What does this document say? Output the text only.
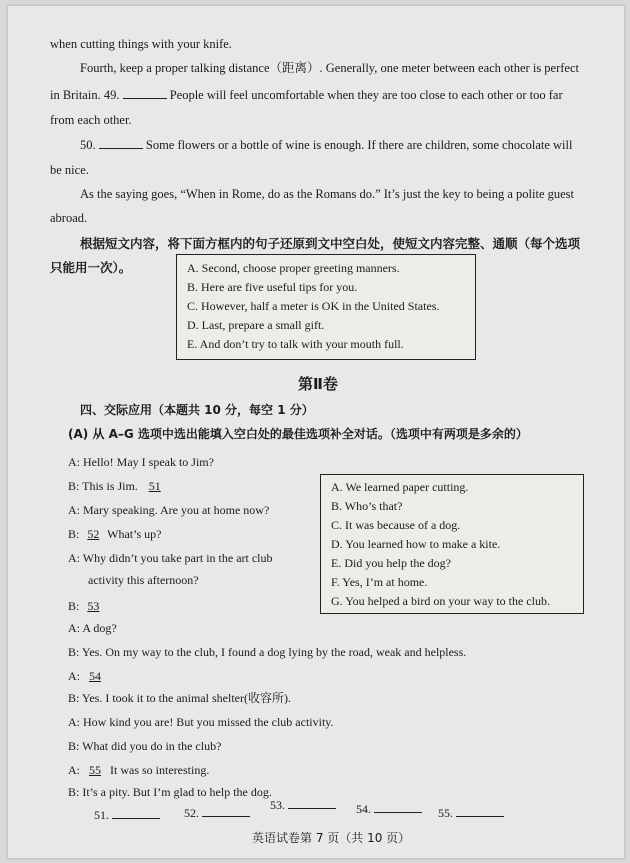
when cutting things with your knife.
Fourth, keep a proper talking distance（距离）. Generally, one meter between each other is perfect
in Britain. 49.	People will feel uncomfortable when they are too close to each other or too far
from each other.
50.	Some flowers or a bottle of wine is enough. If there are children, some chocolate will
be nice.
As the saying goes, “When in Rome, do as the Romans do.” It’s just the key to being a polite guest
abroad.
根据短文内容，将下面方框内的句子还原到文中空白处，使短文内容完整、通顺（每个选项
只能用一次）。	A. Second, choose proper greeting manners.
B. Here are five useful tips for you.
C. However, half a meter is OK in the United States.
D. Last, prepare a small gift.
E. And don’t try to talk with your mouth full.
第Ⅱ卷
四、交际应用（本题共 10 分，每空 1 分）
(A) 从 A–G 选项中选出能填入空白处的最佳选项补全对话。（选项中有两项是多余的）
A: Hello! May I speak to Jim?
B: This is Jim. 51
A: Mary speaking. Are you at home now?
B: 52 What’s up?
A: Why didn’t you take part in the art club
activity this afternoon?
B: 53
A: A dog?
B: Yes. On my way to the club, I found a dog lying by the road, weak and helpless.
A: 54
B: Yes. I took it to the animal shelter(收容所).
A: How kind you are! But you missed the club activity.
B: What did you do in the club?
A: 55 It was so interesting.
B: It’s a pity. But I’m glad to help the dog.
A. We learned paper cutting.
B. Who’s that?
C. It was because of a dog.
D. You learned how to make a kite.
E. Did you help the dog?
F. Yes, I’m at home.
G. You helped a bird on your way to the club.
51.	52.
53.	54.	55.
英语试卷第 7 页（共 10 页）
